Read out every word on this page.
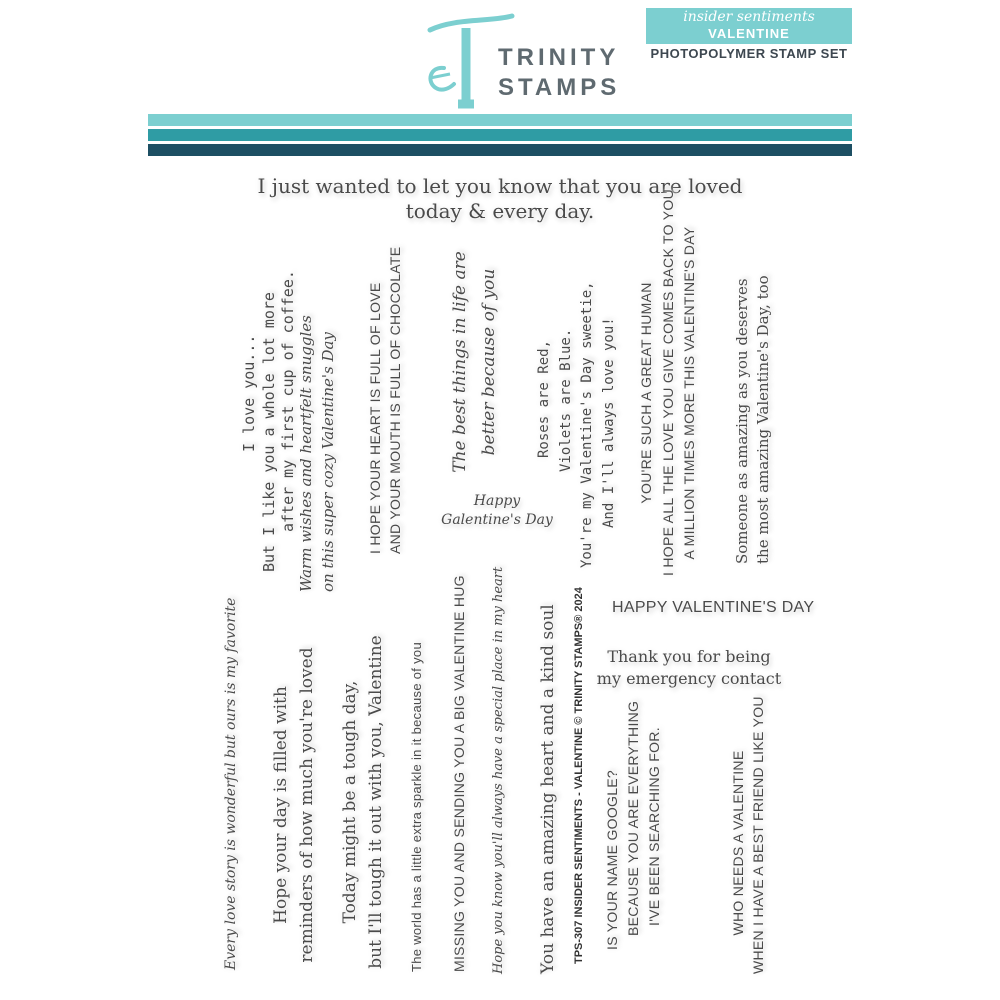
TRINITY
STAMPS
insider sentiments
VALENTINE
PHOTOPOLYMER STAMP SET
I just wanted to let you know that you are loved
today & every day.
I love you... But I like you a whole lot more after my first cup of coffee. Warm wishes and heartfelt snuggles on this super cozy Valentine's Day I HOPE YOUR HEART IS FULL OF LOVE AND YOUR MOUTH IS FULL OF CHOCOLATE	The best things in life are better because of you
Happy
Galentine's Day
Roses are Red, Violets are Blue. You're my Valentine's Day sweetie, And I'll always love you! YOU'RE SUCH A GREAT HUMAN I HOPE ALL THE LOVE YOU GIVE COMES BACK TO YOU A MILLION TIMES MORE THIS VALENTINE'S DAY Someone as amazing as you deserves the most amazing Valentine's Day, too
HAPPY VALENTINE'S DAY
Thank you for being
my emergency contact
Every love story is wonderful but ours is my favorite Hope your day is filled with reminders of how much you're loved Today might be a tough day, but I'll tough it out with you, Valentine The world has a little extra sparkle in it because of you MISSING YOU AND SENDING YOU A BIG VALENTINE HUG Hope you know you'll always have a special place in my heart You have an amazing heart and a kind soul TPS-307 INSIDER SENTIMENTS - VALENTINE © TRINITY STAMPS® 2024 IS YOUR NAME GOOGLE? BECAUSE YOU ARE EVERYTHING I'VE BEEN SEARCHING FOR.	WHO NEEDS A VALENTINE WHEN I HAVE A BEST FRIEND LIKE YOU
